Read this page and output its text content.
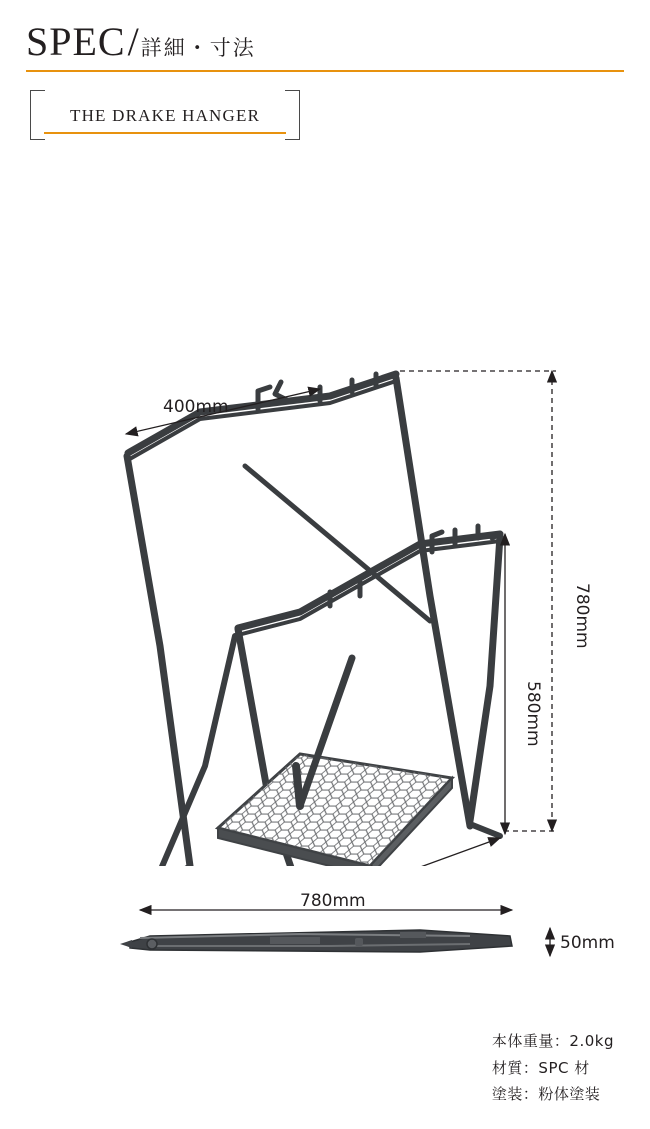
SPEC / 詳細・寸法
THE DRAKE HANGER
400mm
780mm
580mm
780mm
50mm
本体重量：2.0kg
材質：SPC 材
塗装：粉体塗装
